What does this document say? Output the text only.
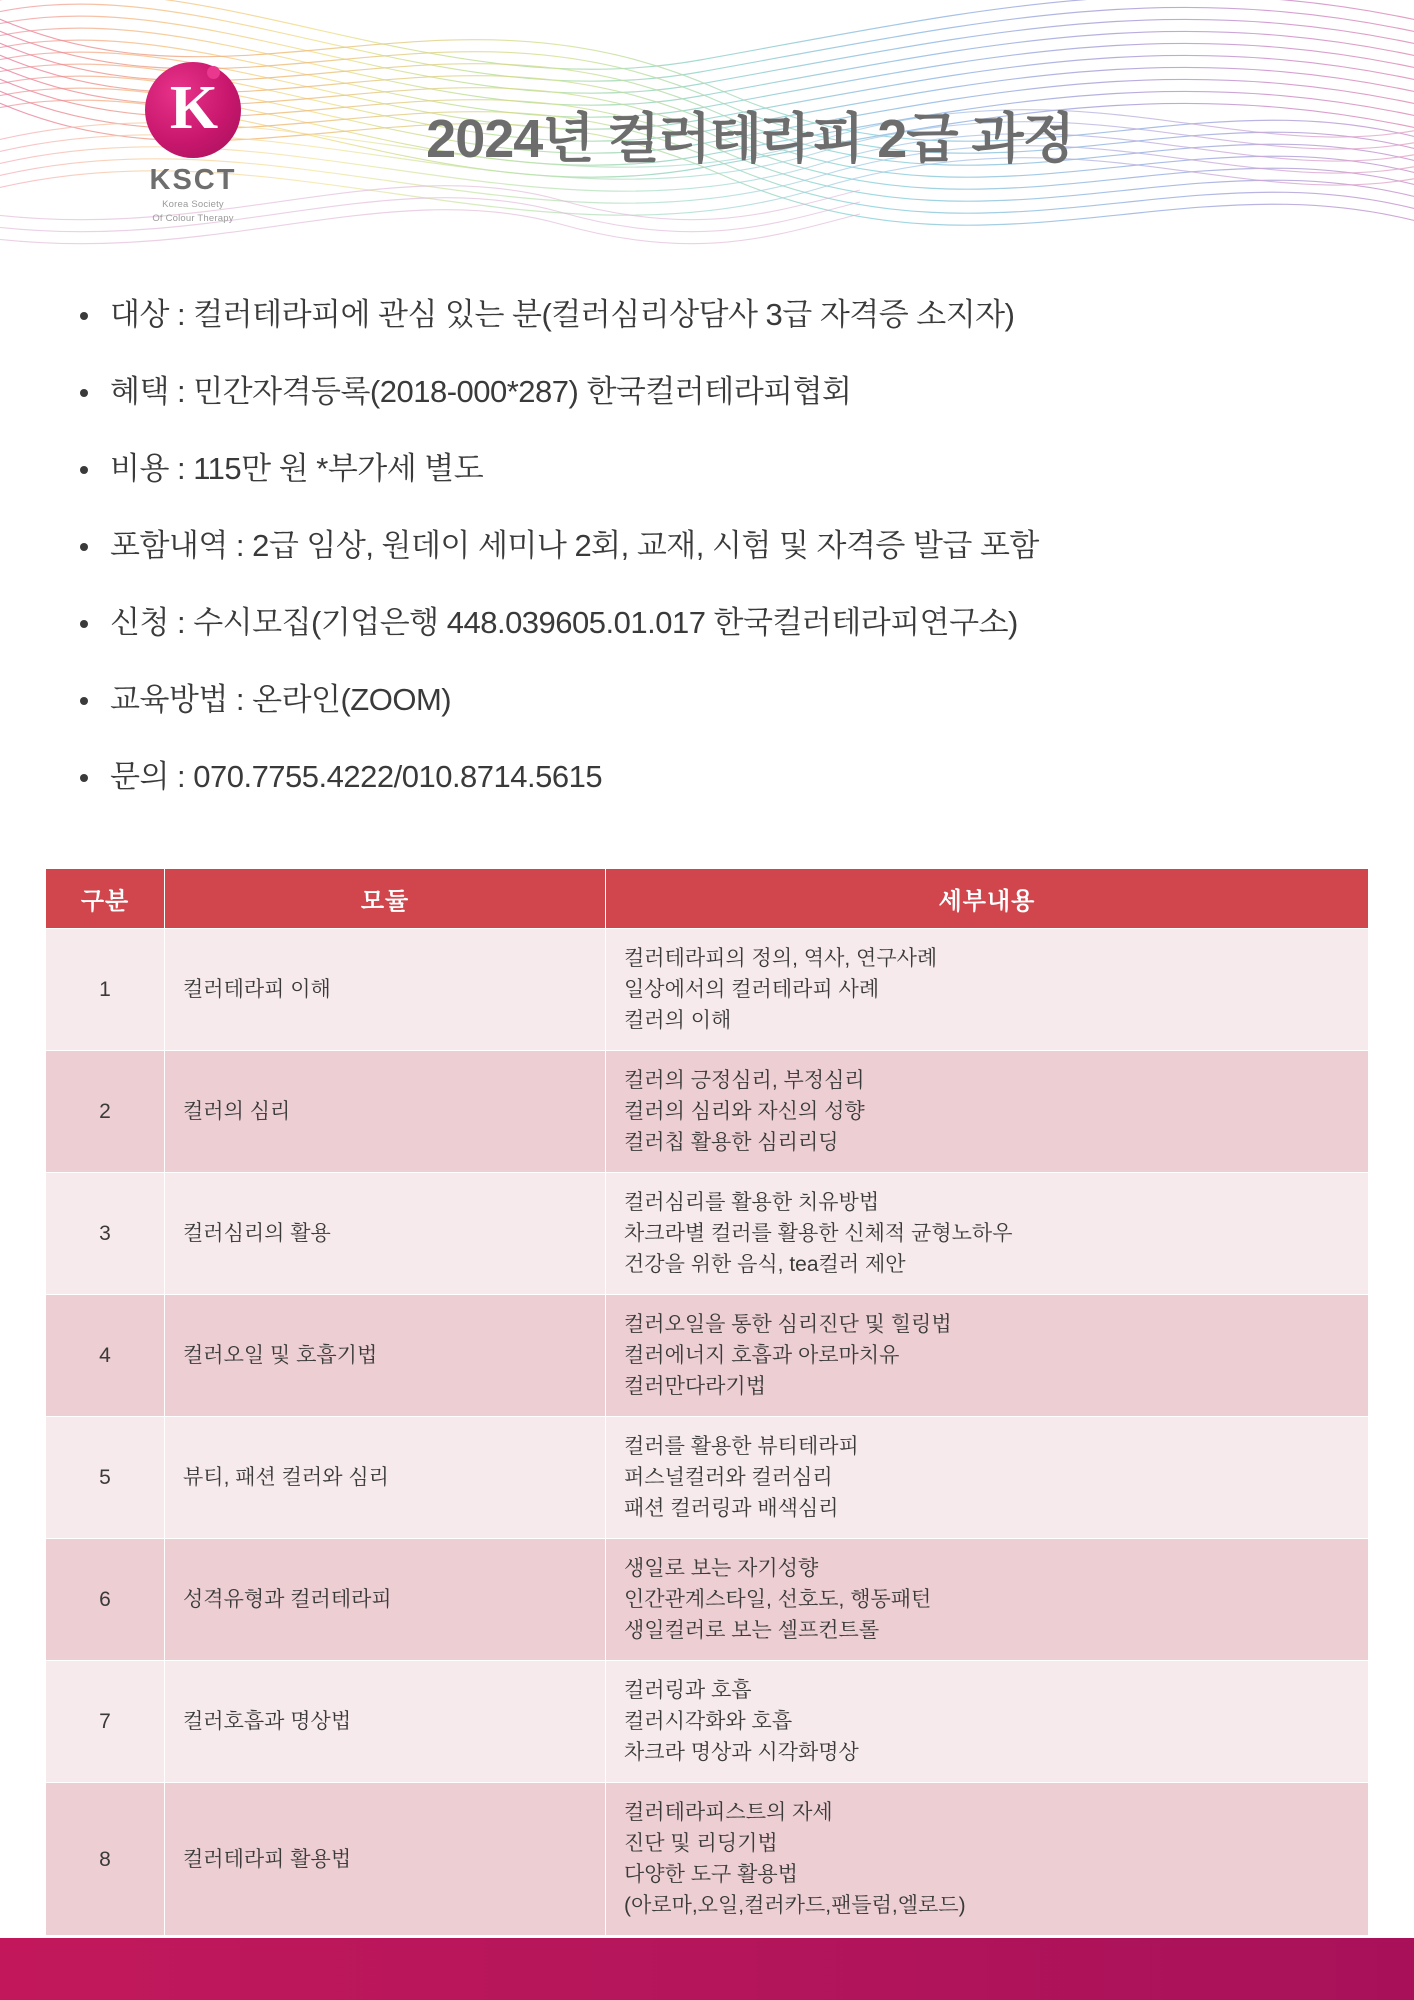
K
KSCT
Korea Society
Of Colour Therapy
2024년 컬러테라피 2급 과정
대상 : 컬러테라피에 관심 있는 분(컬러심리상담사 3급 자격증 소지자)
혜택 : 민간자격등록(2018-000*287) 한국컬러테라피협회
비용 : 115만 원 *부가세 별도
포함내역 : 2급 임상, 원데이 세미나 2회, 교재, 시험 및 자격증 발급 포함
신청 : 수시모집(기업은행 448.039605.01.017 한국컬러테라피연구소)
교육방법 : 온라인(ZOOM)
문의 : 070.7755.4222/010.8714.5615
구분	모듈	세부내용
1	컬러테라피 이해	컬러테라피의 정의, 역사, 연구사례
일상에서의 컬러테라피 사례
컬러의 이해

2	컬러의 심리	컬러의 긍정심리, 부정심리
컬러의 심리와 자신의 성향
컬러칩 활용한 심리리딩

3	컬러심리의 활용	컬러심리를 활용한 치유방법
차크라별 컬러를 활용한 신체적 균형노하우
건강을 위한 음식, tea컬러 제안

4	컬러오일 및 호흡기법	컬러오일을 통한 심리진단 및 힐링법
컬러에너지 호흡과 아로마치유
컬러만다라기법

5	뷰티, 패션 컬러와 심리	컬러를 활용한 뷰티테라피
퍼스널컬러와 컬러심리
패션 컬러링과 배색심리

6	성격유형과 컬러테라피	생일로 보는 자기성향
인간관계스타일, 선호도, 행동패턴
생일컬러로 보는 셀프컨트롤

7	컬러호흡과 명상법	컬러링과 호흡
컬러시각화와 호흡
차크라 명상과 시각화명상

8	컬러테라피 활용법	컬러테라피스트의 자세
진단 및 리딩기법
다양한 도구 활용법
(아로마,오일,컬러카드,팬들럼,엘로드)
